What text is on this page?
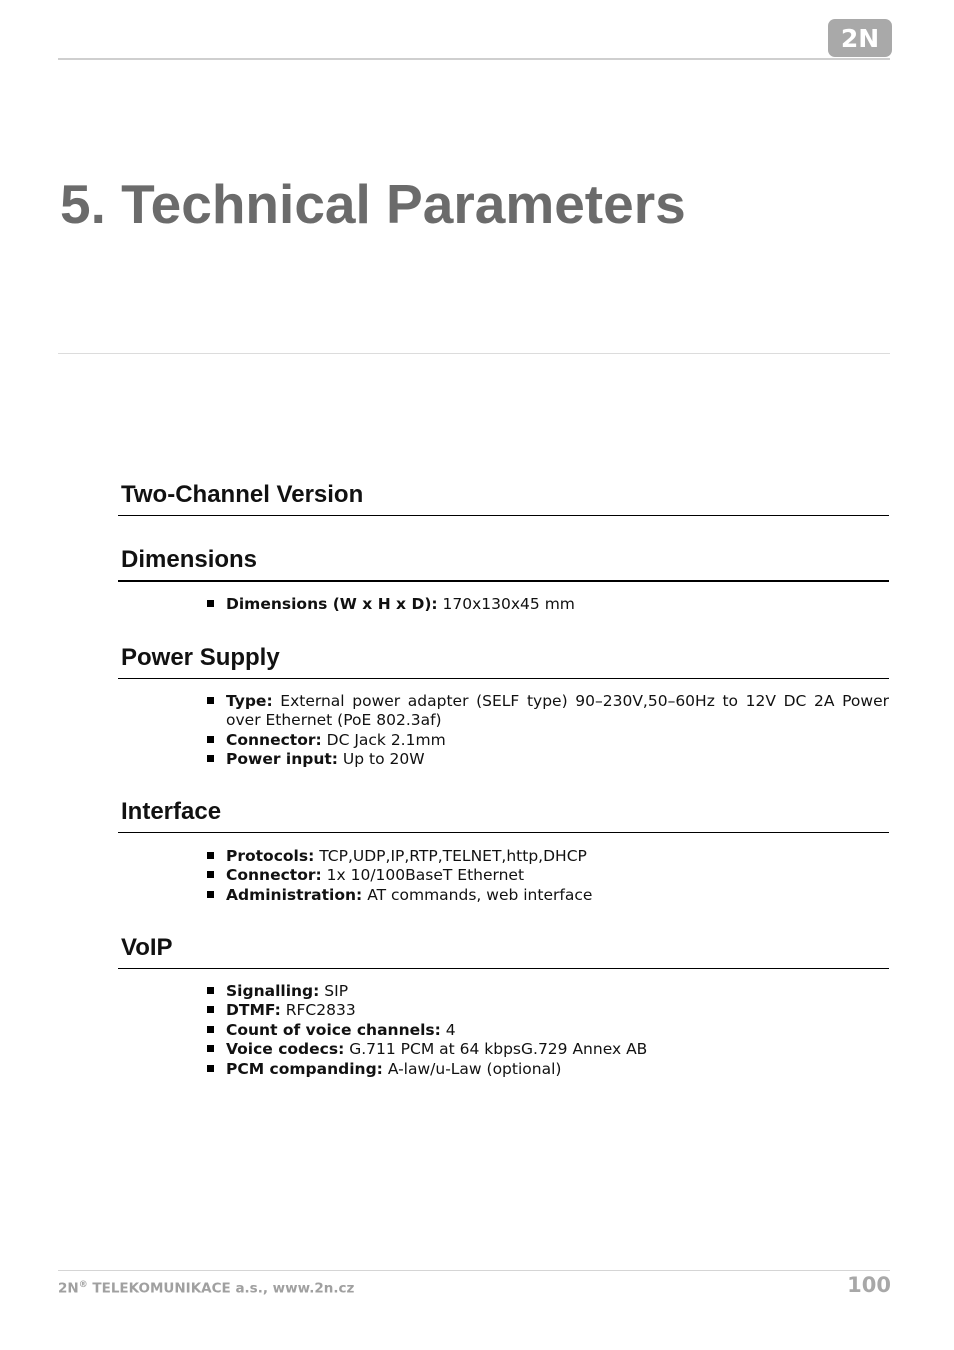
2N
5. Technical Parameters
Two-Channel Version
Dimensions
Dimensions (W x H x D): 170x130x45 mm
Power Supply
Type: External power adapter (SELF type) 90–230V,50–60Hz to 12V DC 2A Power over Ethernet (PoE 802.3af)
Connector: DC Jack 2.1mm
Power input: Up to 20W
Interface
Protocols: TCP,UDP,IP,RTP,TELNET,http,DHCP
Connector: 1x 10/100BaseT Ethernet
Administration: AT commands, web interface
VoIP
Signalling: SIP
DTMF: RFC2833
Count of voice channels: 4
Voice codecs: G.711 PCM at 64 kbpsG.729 Annex AB
PCM companding: A-law/u-Law (optional)
2N® TELEKOMUNIKACE a.s., www.2n.cz	100
